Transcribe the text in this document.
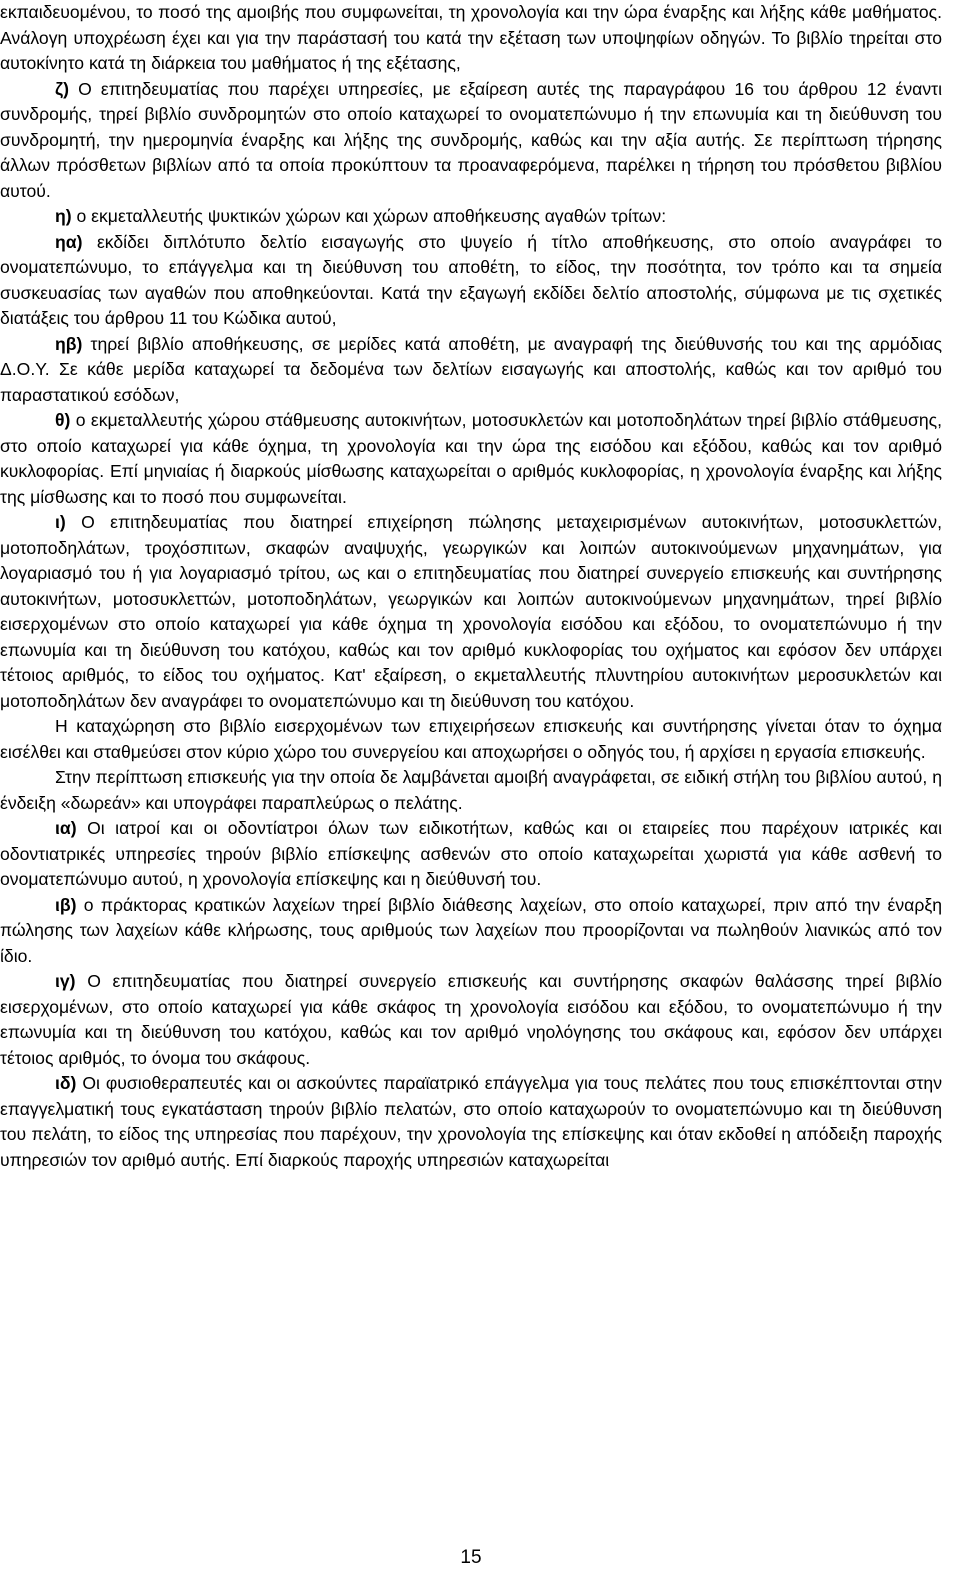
εκπαιδευομένου, το ποσό της αμοιβής που συμφωνείται, τη χρονολογία και την ώρα έναρξης και λήξης κάθε μαθήματος. Ανάλογη υποχρέωση έχει και για την παράστασή του κατά την εξέταση των υποψηφίων οδηγών. Το βιβλίο τηρείται στο αυτοκίνητο κατά τη διάρκεια του μαθήματος ή της εξέτασης,

ζ) Ο επιτηδευματίας που παρέχει υπηρεσίες, με εξαίρεση αυτές της παραγράφου 16 του άρθρου 12 έναντι συνδρομής, τηρεί βιβλίο συνδρομητών στο οποίο καταχωρεί το ονοματεπώνυμο ή την επωνυμία και τη διεύθυνση του συνδρομητή, την ημερομηνία έναρξης και λήξης της συνδρομής, καθώς και την αξία αυτής. Σε περίπτωση τήρησης άλλων πρόσθετων βιβλίων από τα οποία προκύπτουν τα προαναφερόμενα, παρέλκει η τήρηση του πρόσθετου βιβλίου αυτού.

η) ο εκμεταλλευτής ψυκτικών χώρων και χώρων αποθήκευσης αγαθών τρίτων:

ηα) εκδίδει διπλότυπο δελτίο εισαγωγής στο ψυγείο ή τίτλο αποθήκευσης, στο οποίο αναγράφει το ονοματεπώνυμο, το επάγγελμα και τη διεύθυνση του αποθέτη, το είδος, την ποσότητα, τον τρόπο και τα σημεία συσκευασίας των αγαθών που αποθηκεύονται. Κατά την εξαγωγή εκδίδει δελτίο αποστολής, σύμφωνα με τις σχετικές διατάξεις του άρθρου 11 του Κώδικα αυτού,

ηβ) τηρεί βιβλίο αποθήκευσης, σε μερίδες κατά αποθέτη, με αναγραφή της διεύθυνσής του και της αρμόδιας Δ.Ο.Υ. Σε κάθε μερίδα καταχωρεί τα δεδομένα των δελτίων εισαγωγής και αποστολής, καθώς και τον αριθμό του παραστατικού εσόδων,

θ) ο εκμεταλλευτής χώρου στάθμευσης αυτοκινήτων, μοτοσυκλετών και μοτοποδηλάτων τηρεί βιβλίο στάθμευσης, στο οποίο καταχωρεί για κάθε όχημα, τη χρονολογία και την ώρα της εισόδου και εξόδου, καθώς και τον αριθμό κυκλοφορίας. Επί μηνιαίας ή διαρκούς μίσθωσης καταχωρείται ο αριθμός κυκλοφορίας, η χρονολογία έναρξης και λήξης της μίσθωσης και το ποσό που συμφωνείται.

ι) Ο επιτηδευματίας που διατηρεί επιχείρηση πώλησης μεταχειρισμένων αυτοκινήτων, μοτοσυκλεττών, μοτοποδηλάτων, τροχόσπιτων, σκαφών αναψυχής, γεωργικών και λοιπών αυτοκινούμενων μηχανημάτων, για λογαριασμό του ή για λογαριασμό τρίτου, ως και ο επιτηδευματίας που διατηρεί συνεργείο επισκευής και συντήρησης αυτοκινήτων, μοτοσυκλεττών, μοτοποδηλάτων, γεωργικών και λοιπών αυτοκινούμενων μηχανημάτων, τηρεί βιβλίο εισερχομένων στο οποίο καταχωρεί για κάθε όχημα τη χρονολογία εισόδου και εξόδου, το ονοματεπώνυμο ή την επωνυμία και τη διεύθυνση του κατόχου, καθώς και τον αριθμό κυκλοφορίας του οχήματος και εφόσον δεν υπάρχει τέτοιος αριθμός, το είδος του οχήματος. Κατ' εξαίρεση, ο εκμεταλλευτής πλυντηρίου αυτοκινήτων μεροσυκλετών και μοτοποδηλάτων δεν αναγράφει το ονοματεπώνυμο και τη διεύθυνση του κατόχου.

Η καταχώρηση στο βιβλίο εισερχομένων των επιχειρήσεων επισκευής και συντήρησης γίνεται όταν το όχημα εισέλθει και σταθμεύσει στον κύριο χώρο του συνεργείου και αποχωρήσει ο οδηγός του, ή αρχίσει η εργασία επισκευής.

Στην περίπτωση επισκευής για την οποία δε λαμβάνεται αμοιβή αναγράφεται, σε ειδική στήλη του βιβλίου αυτού, η ένδειξη «δωρεάν» και υπογράφει παραπλεύρως ο πελάτης.

ια) Οι ιατροί και οι οδοντίατροι όλων των ειδικοτήτων, καθώς και οι εταιρείες που παρέχουν ιατρικές και οδοντιατρικές υπηρεσίες τηρούν βιβλίο επίσκεψης ασθενών στο οποίο καταχωρείται χωριστά για κάθε ασθενή το ονοματεπώνυμο αυτού, η χρονολογία επίσκεψης και η διεύθυνσή του.

ιβ) ο πράκτορας κρατικών λαχείων τηρεί βιβλίο διάθεσης λαχείων, στο οποίο καταχωρεί, πριν από την έναρξη πώλησης των λαχείων κάθε κλήρωσης, τους αριθμούς των λαχείων που προορίζονται να πωληθούν λιανικώς από τον ίδιο.

ιγ) Ο επιτηδευματίας που διατηρεί συνεργείο επισκευής και συντήρησης σκαφών θαλάσσης τηρεί βιβλίο εισερχομένων, στο οποίο καταχωρεί για κάθε σκάφος τη χρονολογία εισόδου και εξόδου, το ονοματεπώνυμο ή την επωνυμία και τη διεύθυνση του κατόχου, καθώς και τον αριθμό νηολόγησης του σκάφους και, εφόσον δεν υπάρχει τέτοιος αριθμός, το όνομα του σκάφους.

ιδ) Οι φυσιοθεραπευτές και οι ασκούντες παραϊατρικό επάγγελμα για τους πελάτες που τους επισκέπτονται στην επαγγελματική τους εγκατάσταση τηρούν βιβλίο πελατών, στο οποίο καταχωρούν το ονοματεπώνυμο και τη διεύθυνση του πελάτη, το είδος της υπηρεσίας που παρέχουν, την χρονολογία της επίσκεψης και όταν εκδοθεί η απόδειξη παροχής υπηρεσιών τον αριθμό αυτής. Επί διαρκούς παροχής υπηρεσιών καταχωρείται

15
